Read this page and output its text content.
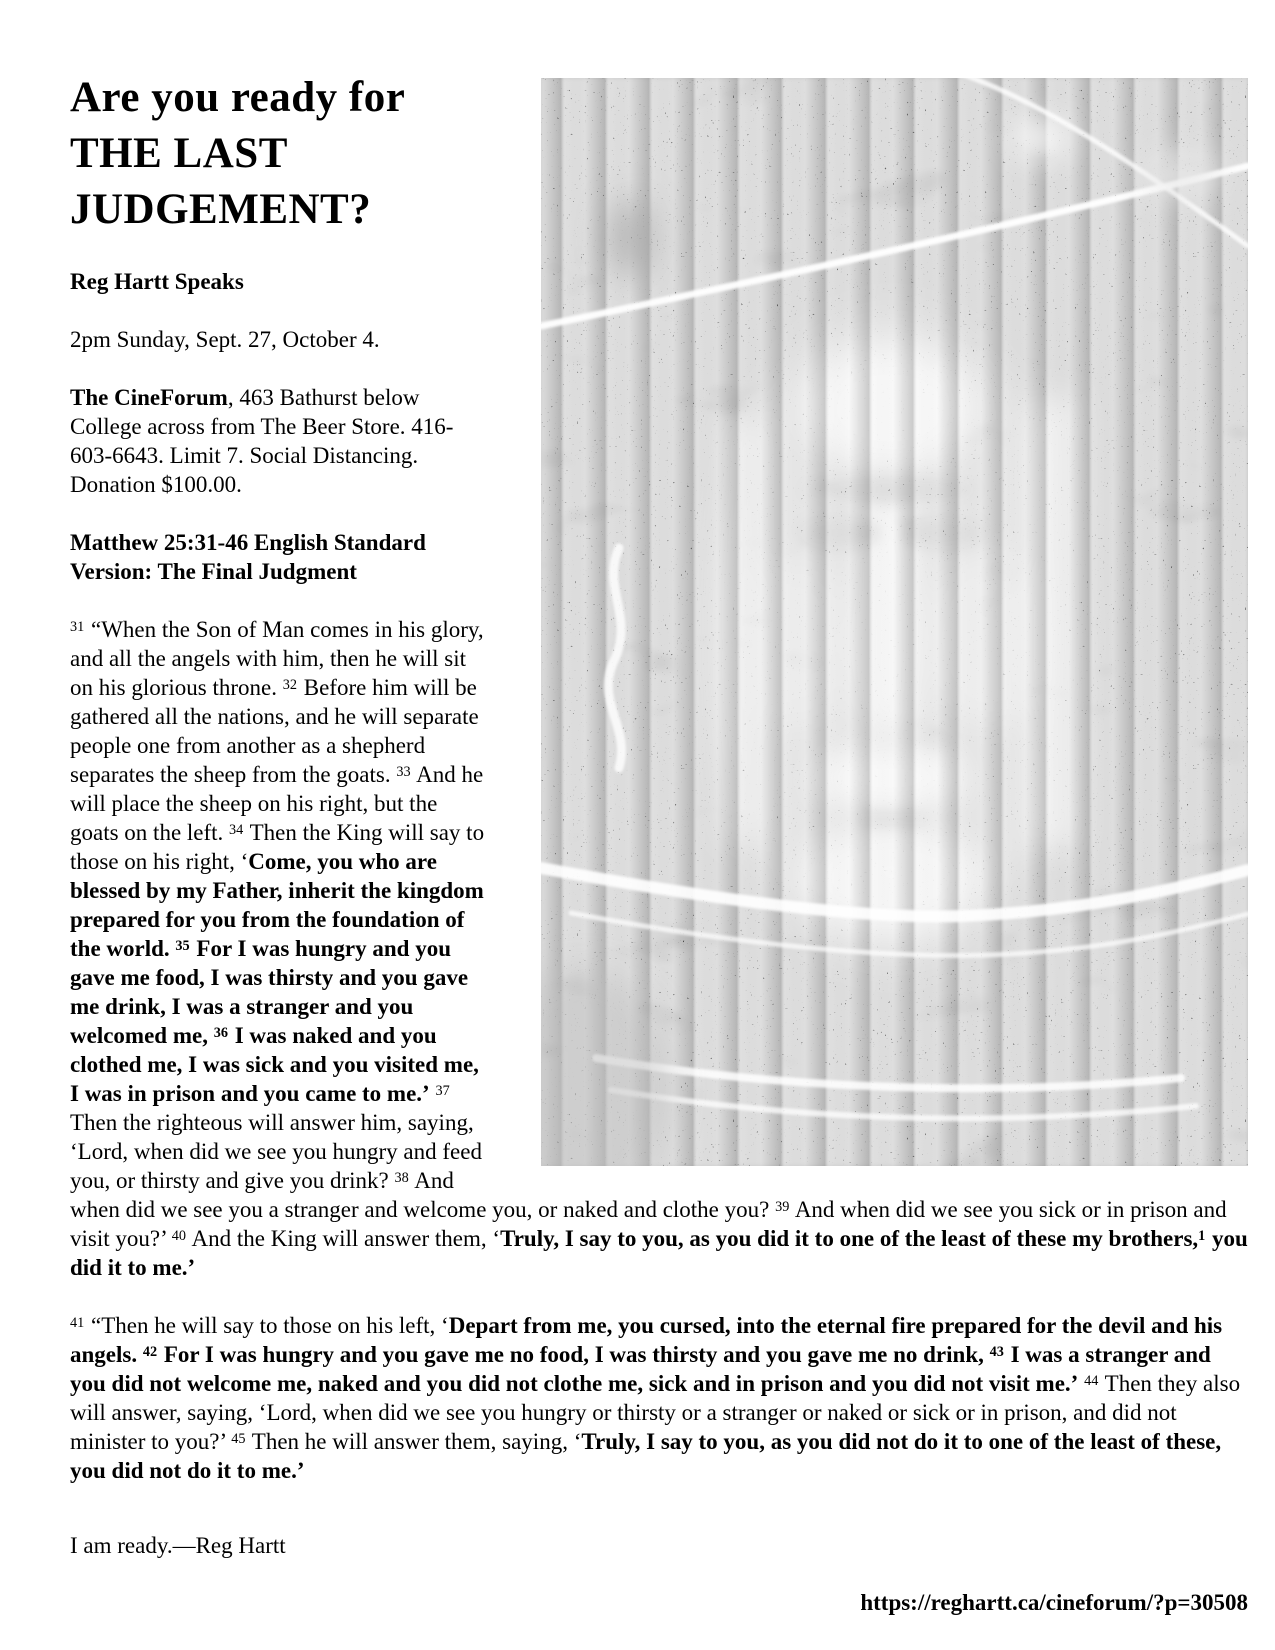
Are you ready for THE LAST JUDGEMENT?

Reg Hartt Speaks

2pm Sunday, Sept. 27, October 4.

The CineForum, 463 Bathurst below College across from The Beer Store. 416-603-6643. Limit 7. Social Distancing. Donation $100.00.

Matthew 25:31-46 English Standard Version: The Final Judgment

$^{31}$ “When the Son of Man comes in his glory, and all the angels with him, then he will sit on his glorious throne. $^{32}$ Before him will be gathered all the nations, and he will separate people one from another as a shepherd separates the sheep from the goats. $^{33}$ And he will place the sheep on his right, but the goats on the left. $^{34}$ Then the King will say to those on his right, ‘Come, you who are blessed by my Father, inherit the kingdom prepared for you from the foundation of the world. $^{35}$ For I was hungry and you gave me food, I was thirsty and you gave me drink, I was a stranger and you welcomed me, $^{36}$ I was naked and you clothed me, I was sick and you visited me, I was in prison and you came to me.’ $^{37}$ Then the righteous will answer him, saying, ‘Lord, when did we see you hungry and feed you, or thirsty and give you drink? $^{38}$ And when did we see you a stranger and welcome you, or naked and clothe you? $^{39}$ And when did we see you sick or in prison and visit you?’ $^{40}$ And the King will answer them, ‘Truly, I say to you, as you did it to one of the least of these my brothers,$^1$ you did it to me.’

$^{41}$ “Then he will say to those on his left, ‘Depart from me, you cursed, into the eternal fire prepared for the devil and his angels. $^{42}$ For I was hungry and you gave me no food, I was thirsty and you gave me no drink, $^{43}$ I was a stranger and you did not welcome me, naked and you did not clothe me, sick and in prison and you did not visit me.’ $^{44}$ Then they also will answer, saying, ‘Lord, when did we see you hungry or thirsty or a stranger or naked or sick or in prison, and did not minister to you?’ $^{45}$ Then he will answer them, saying, ‘Truly, I say to you, as you did not do it to one of the least of these, you did not do it to me.’

I am ready.—Reg Hartt

https://reghartt.ca/cineforum/?p=30508
